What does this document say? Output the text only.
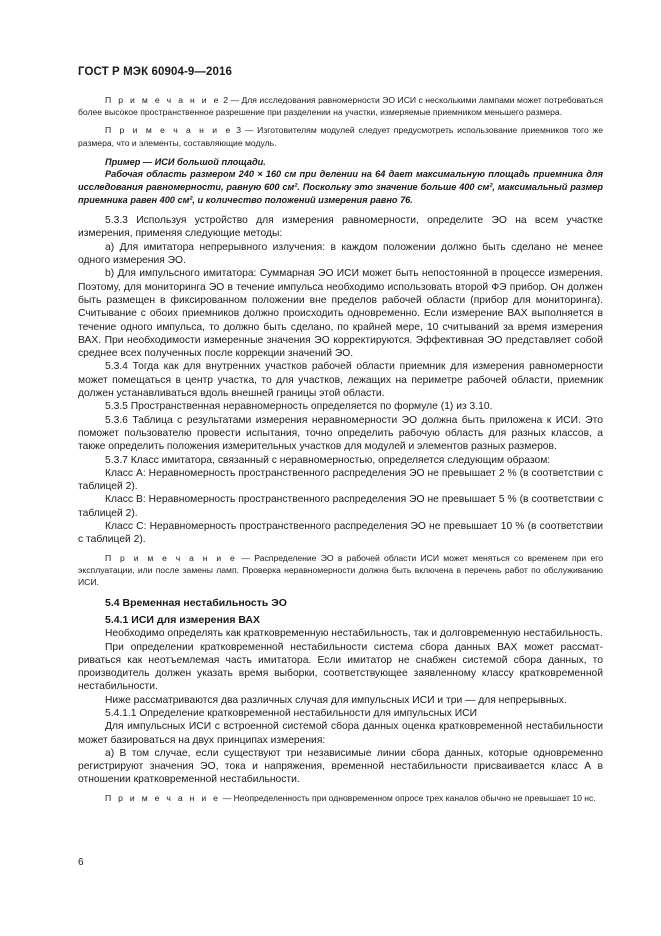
ГОСТ Р МЭК 60904-9—2016

П р и м е ч а н и е 2 — Для исследования равномерности ЭО ИСИ с несколькими лампами может потребоваться более высокое пространственное разрешение при разделении на участки, измеряемые приемником меньшего размера.

П р и м е ч а н и е 3 — Изготовителям модулей следует предусмотреть использование приемников того же размера, что и элементы, составляющие модуль.

Пример — ИСИ большой площади.

Рабочая область размером 240 × 160 см при делении на 64 дает максимальную площадь приемника для исследования равномерности, равную 600 см². Поскольку это значение больше 400 см², максимальный размер приемника равен 400 см², и количество положений измерения равно 76.

5.3.3 Используя устройство для измерения равномерности, определите ЭО на всем участке измерения, применяя следующие методы:

a) Для имитатора непрерывного излучения: в каждом положении должно быть сделано не менее одного измерения ЭО.

b) Для импульсного имитатора: Суммарная ЭО ИСИ может быть непостоянной в процессе измерения. Поэтому, для мониторинга ЭО в течение импульса необходимо использовать второй ФЭ прибор. Он должен быть размещен в фиксированном положении вне пределов рабочей области (прибор для мониторинга). Считывание с обоих приемников должно происходить одновременно. Если измерение ВАХ выполняется в течение одного импульса, то должно быть сделано, по крайней мере, 10 считываний за время измерения ВАХ. При необходимости измеренные значения ЭО корректируются. Эффективная ЭО представляет собой среднее всех полученных после коррекции значений ЭО.

5.3.4 Тогда как для внутренних участков рабочей области приемник для измерения равномерности может помещаться в центр участка, то для участков, лежащих на периметре рабочей области, приемник должен устанавливаться вдоль внешней границы этой области.

5.3.5 Пространственная неравномерность определяется по формуле (1) из 3.10.

5.3.6 Таблица с результатами измерения неравномерности ЭО должна быть приложена к ИСИ. Это поможет пользователю провести испытания, точно определить рабочую область для разных классов, а также определить положения измерительных участков для модулей и элементов разных размеров.

5.3.7 Класс имитатора, связанный с неравномерностью, определяется следующим образом:

Класс A: Неравномерность пространственного распределения ЭО не превышает 2 % (в соответствии с таблицей 2).

Класс B: Неравномерность пространственного распределения ЭО не превышает 5 % (в соответствии с таблицей 2).

Класс C: Неравномерность пространственного распределения ЭО не превышает 10 % (в соответствии с таблицей 2).

П р и м е ч а н и е — Распределение ЭО в рабочей области ИСИ может меняться со временем при его эксплуатации, или после замены ламп. Проверка неравномерности должна быть включена в перечень работ по обслуживанию ИСИ.

5.4 Временная нестабильность ЭО

5.4.1 ИСИ для измерения ВАХ

Необходимо определять как кратковременную нестабильность, так и долговременную нестабильность.

При определении кратковременной нестабильности система сбора данных ВАХ может рассматриваться как неотъемлемая часть имитатора. Если имитатор не снабжен системой сбора данных, то производитель должен указать время выборки, соответствующее заявленному классу кратковременной нестабильности.

Ниже рассматриваются два различных случая для импульсных ИСИ и три — для непрерывных.

5.4.1.1 Определение кратковременной нестабильности для импульсных ИСИ

Для импульсных ИСИ с встроенной системой сбора данных оценка кратковременной нестабильности может базироваться на двух принципах измерения:

a) В том случае, если существуют три независимые линии сбора данных, которые одновременно регистрируют значения ЭО, тока и напряжения, временной нестабильности присваивается класс А в отношении кратковременной нестабильности.

П р и м е ч а н и е — Неопределенность при одновременном опросе трех каналов обычно не превышает 10 нс.

6
